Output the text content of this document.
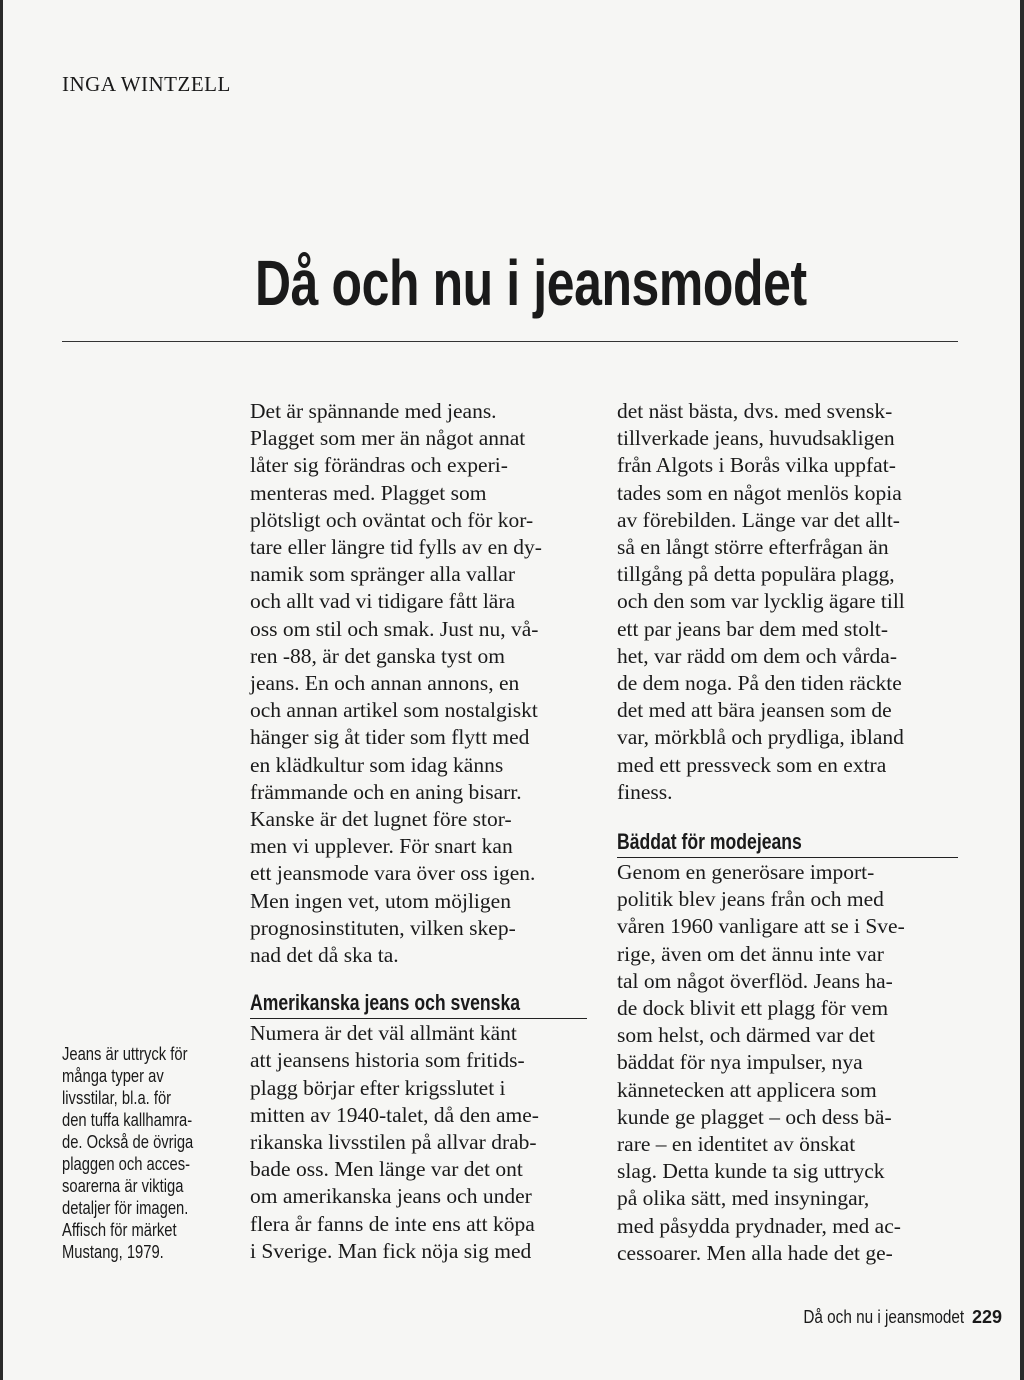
INGA WINTZELL
Då och nu i jeansmodet
Jeans är uttryck för
många typer av
livsstilar, bl.a. för
den tuffa kallhamra-
de. Också de övriga
plaggen och acces-
soarerna är viktiga
detaljer för imagen.
Affisch för märket
Mustang, 1979.
Det är spännande med jeans.
Plagget som mer än något annat
låter sig förändras och experi-
menteras med. Plagget som
plötsligt och oväntat och för kor-
tare eller längre tid fylls av en dy-
namik som spränger alla vallar
och allt vad vi tidigare fått lära
oss om stil och smak. Just nu, vå-
ren -88, är det ganska tyst om
jeans. En och annan annons, en
och annan artikel som nostalgiskt
hänger sig åt tider som flytt med
en klädkultur som idag känns
främmande och en aning bisarr.
Kanske är det lugnet före stor-
men vi upplever. För snart kan
ett jeansmode vara över oss igen.
Men ingen vet, utom möjligen
prognosinstituten, vilken skep-
nad det då ska ta.
Amerikanska jeans och svenska
Numera är det väl allmänt känt
att jeansens historia som fritids-
plagg börjar efter krigsslutet i
mitten av 1940-talet, då den ame-
rikanska livsstilen på allvar drab-
bade oss. Men länge var det ont
om amerikanska jeans och under
flera år fanns de inte ens att köpa
i Sverige. Man fick nöja sig med
det näst bästa, dvs. med svensk-
tillverkade jeans, huvudsakligen
från Algots i Borås vilka uppfat-
tades som en något menlös kopia
av förebilden. Länge var det allt-
så en långt större efterfrågan än
tillgång på detta populära plagg,
och den som var lycklig ägare till
ett par jeans bar dem med stolt-
het, var rädd om dem och vårda-
de dem noga. På den tiden räckte
det med att bära jeansen som de
var, mörkblå och prydliga, ibland
med ett pressveck som en extra
finess.
Bäddat för modejeans
Genom en generösare import-
politik blev jeans från och med
våren 1960 vanligare att se i Sve-
rige, även om det ännu inte var
tal om något överflöd. Jeans ha-
de dock blivit ett plagg för vem
som helst, och därmed var det
bäddat för nya impulser, nya
kännetecken att applicera som
kunde ge plagget – och dess bä-
rare – en identitet av önskat
slag. Detta kunde ta sig uttryck
på olika sätt, med insyningar,
med påsydda prydnader, med ac-
cessoarer. Men alla hade det ge-
Då och nu i jeansmodet 229
